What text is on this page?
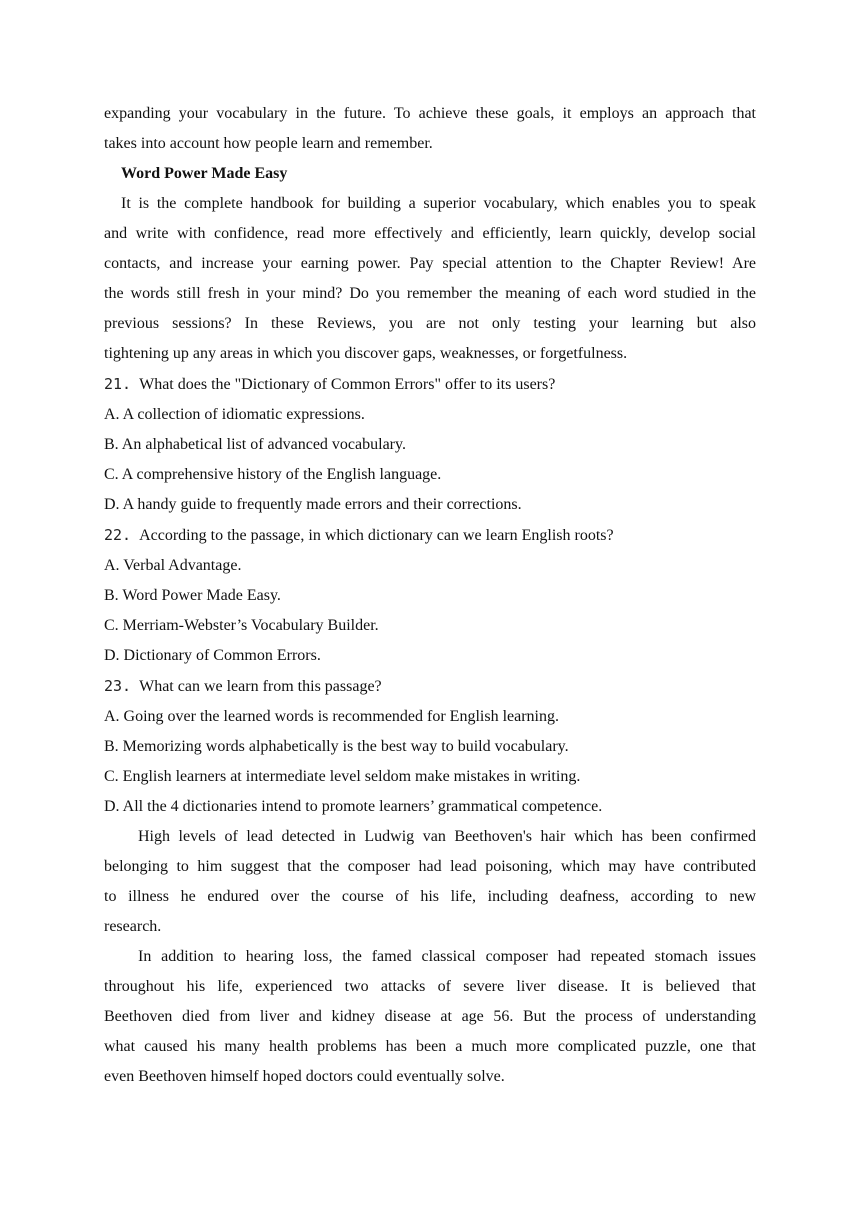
expanding your vocabulary in the future. To achieve these goals, it employs an approach that
takes into account how people learn and remember.
Word Power Made Easy
It is the complete handbook for building a superior vocabulary, which enables you to speak
and write with confidence, read more effectively and efficiently, learn quickly, develop social
contacts, and increase your earning power. Pay special attention to the Chapter Review! Are
the words still fresh in your mind? Do you remember the meaning of each word studied in the
previous sessions? In these Reviews, you are not only testing your learning but also
tightening up any areas in which you discover gaps, weaknesses, or forgetfulness.
21. What does the "Dictionary of Common Errors" offer to its users?
A. A collection of idiomatic expressions.
B. An alphabetical list of advanced vocabulary.
C. A comprehensive history of the English language.
D. A handy guide to frequently made errors and their corrections.
22. According to the passage, in which dictionary can we learn English roots?
A. Verbal Advantage.
B. Word Power Made Easy.
C. Merriam-Webster’s Vocabulary Builder.
D. Dictionary of Common Errors.
23. What can we learn from this passage?
A. Going over the learned words is recommended for English learning.
B. Memorizing words alphabetically is the best way to build vocabulary.
C. English learners at intermediate level seldom make mistakes in writing.
D. All the 4 dictionaries intend to promote learners’ grammatical competence.
High levels of lead detected in Ludwig van Beethoven's hair which has been confirmed
belonging to him suggest that the composer had lead poisoning, which may have contributed
to illness he endured over the course of his life, including deafness, according to new
research.
In addition to hearing loss, the famed classical composer had repeated stomach issues
throughout his life, experienced two attacks of severe liver disease. It is believed that
Beethoven died from liver and kidney disease at age 56. But the process of understanding
what caused his many health problems has been a much more complicated puzzle, one that
even Beethoven himself hoped doctors could eventually solve.
